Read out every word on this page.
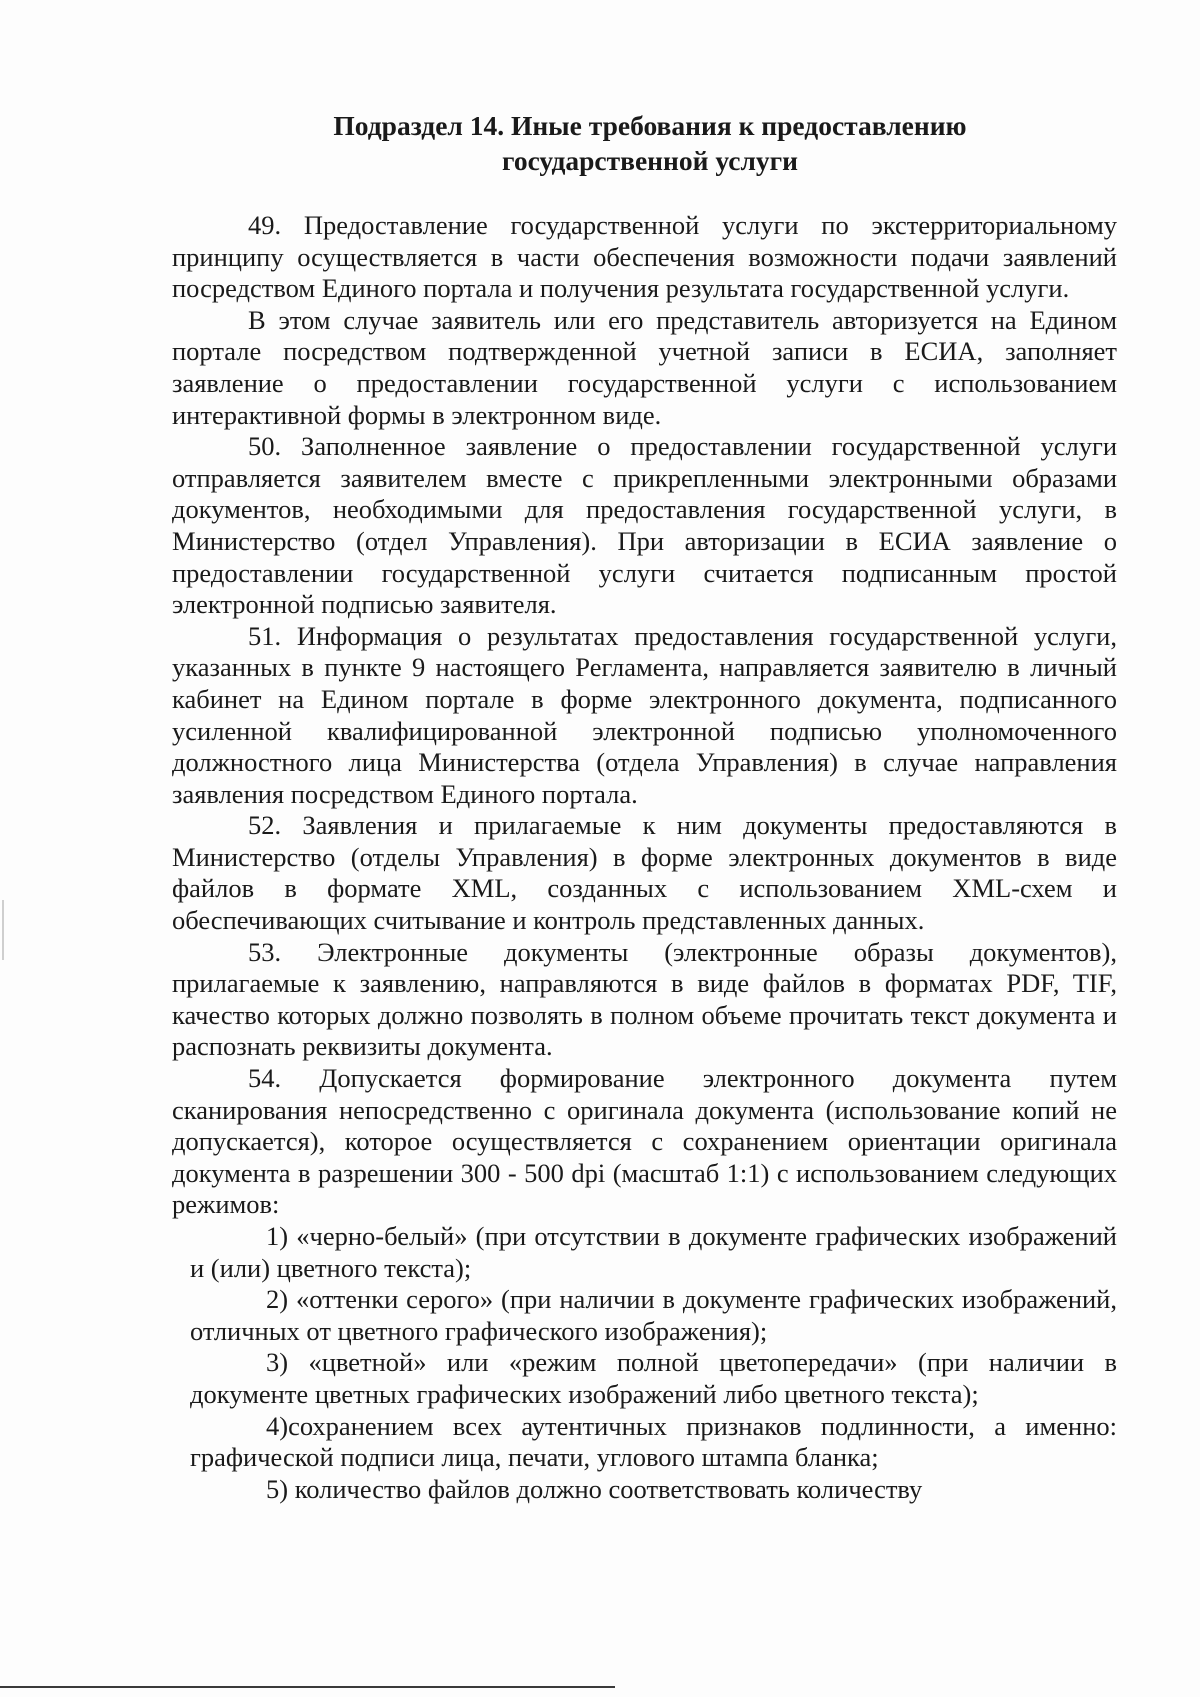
Подраздел 14. Иные требования к предоставлению
государственной услуги

49. Предоставление государственной услуги по экстерриториальному принципу осуществляется в части обеспечения возможности подачи заявлений посредством Единого портала и получения результата государственной услуги.

В этом случае заявитель или его представитель авторизуется на Едином портале посредством подтвержденной учетной записи в ЕСИА, заполняет заявление о предоставлении государственной услуги с использованием интерактивной формы в электронном виде.

50. Заполненное заявление о предоставлении государственной услуги отправляется заявителем вместе с прикрепленными электронными образами документов, необходимыми для предоставления государственной услуги, в Министерство (отдел Управления). При авторизации в ЕСИА заявление о предоставлении государственной услуги считается подписанным простой электронной подписью заявителя.

51. Информация о результатах предоставления государственной услуги, указанных в пункте 9 настоящего Регламента, направляется заявителю в личный кабинет на Едином портале в форме электронного документа, подписанного усиленной квалифицированной электронной подписью уполномоченного должностного лица Министерства (отдела Управления) в случае направления заявления посредством Единого портала.

52. Заявления и прилагаемые к ним документы предоставляются в Министерство (отделы Управления) в форме электронных документов в виде файлов в формате XML, созданных с использованием XML-схем и обеспечивающих считывание и контроль представленных данных.

53. Электронные документы (электронные образы документов), прилагаемые к заявлению, направляются в виде файлов в форматах PDF, TIF, качество которых должно позволять в полном объеме прочитать текст документа и распознать реквизиты документа.

54. Допускается формирование электронного документа путем сканирования непосредственно с оригинала документа (использование копий не допускается), которое осуществляется с сохранением ориентации оригинала документа в разрешении 300 - 500 dpi (масштаб 1:1) с использованием следующих режимов:

1) «черно-белый» (при отсутствии в документе графических изображений и (или) цветного текста);

2) «оттенки серого» (при наличии в документе графических изображений, отличных от цветного графического изображения);

3) «цветной» или «режим полной цветопередачи» (при наличии в документе цветных графических изображений либо цветного текста);

4)сохранением всех аутентичных признаков подлинности, а именно: графической подписи лица, печати, углового штампа бланка;

5) количество файлов должно соответствовать количеству
